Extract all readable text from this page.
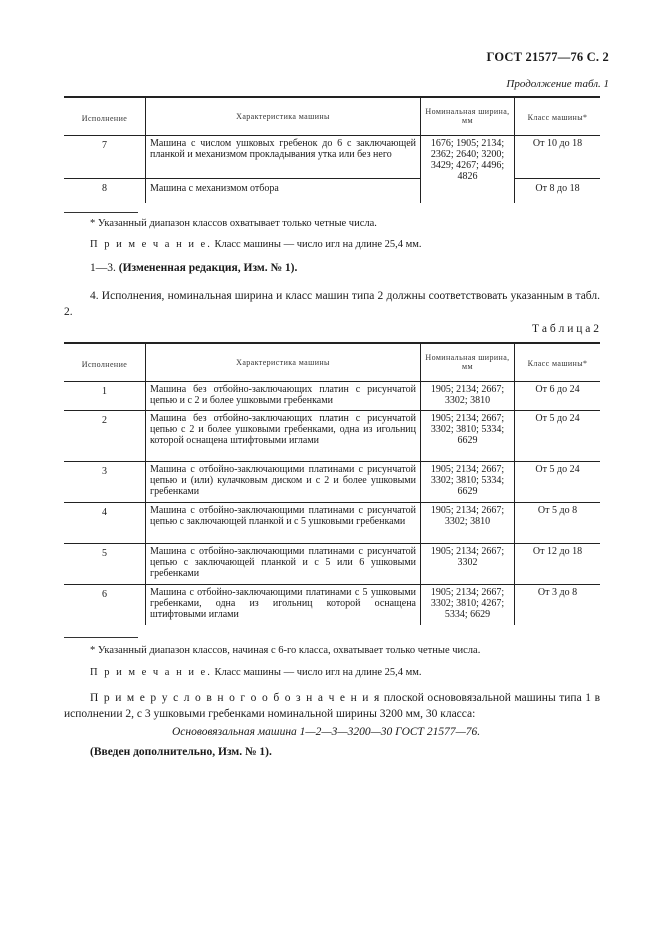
ГОСТ 21577—76 С. 2
Продолжение табл. 1
Исполнение	Характеристика машины	Номинальная ширина, мм	Класс машины*
7	Машина с числом ушковых гребенок до 6 с заключающей планкой и механизмом прокладывания утка или без него	1676; 1905; 2134; 2362; 2640; 3200; 3429; 4267; 4496; 4826	От 10 до 18
8	Машина с механизмом отбора		От 8 до 18
* Указанный диапазон классов охватывает только четные числа.
П р и м е ч а н и е. Класс машины — число игл на длине 25,4 мм.
1—3. (Измененная редакция, Изм. № 1).
4. Исполнения, номинальная ширина и класс машин типа 2 должны соответствовать указанным в табл. 2.
Т а б л и ц а 2
Исполнение	Характеристика машины	Номинальная ширина, мм	Класс машины*
1	Машина без отбойно-заключающих платин с рисунчатой цепью и с 2 и более ушковыми гребенками	1905; 2134; 2667; 3302; 3810	От 6 до 24
2	Машина без отбойно-заключающих платин с рисунчатой цепью с 2 и более ушковыми гребенками, одна из игольниц которой оснащена штифтовыми иглами	1905; 2134; 2667; 3302; 3810; 5334; 6629	От 5 до 24
3	Машина с отбойно-заключающими платинами с рисунчатой цепью и (или) кулачковым диском и с 2 и более ушковыми гребенками	1905; 2134; 2667; 3302; 3810; 5334; 6629	От 5 до 24
4	Машина с отбойно-заключающими платинами с рисунчатой цепью с заключающей планкой и с 5 ушковыми гребенками	1905; 2134; 2667; 3302; 3810	От 5 до 8
5	Машина с отбойно-заключающими платинами с рисунчатой цепью с заключающей планкой и с 5 или 6 ушковыми гребенками	1905; 2134; 2667; 3302	От 12 до 18
6	Машина с отбойно-заключающими платинами с 5 ушковыми гребенками, одна из игольниц которой оснащена штифтовыми иглами	1905; 2134; 2667; 3302; 3810; 4267; 5334; 6629	От 3 до 8
* Указанный диапазон классов, начиная с 6-го класса, охватывает только четные числа.
П р и м е ч а н и е. Класс машины — число игл на длине 25,4 мм.
П р и м е р у с л о в н о г о о б о з н а ч е н и я плоской основовязальной машины типа 1 в исполнении 2, с 3 ушковыми гребенками номинальной ширины 3200 мм, 30 класса:
Основовязальная машина 1—2—3—3200—30 ГОСТ 21577—76.
(Введен дополнительно, Изм. № 1).
